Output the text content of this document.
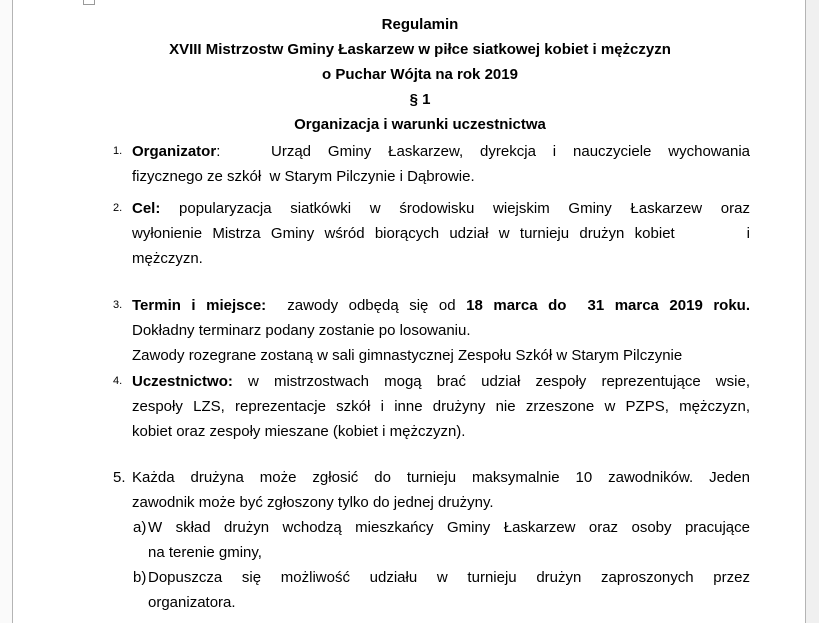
Regulamin
XVIII Mistrzostw Gminy Łaskarzew w piłce siatkowej kobiet i mężczyzn
o Puchar Wójta na rok 2019
§ 1
Organizacja i warunki uczestnictwa
1. Organizator:   Urząd Gminy Łaskarzew, dyrekcja i nauczyciele wychowania
fizycznego ze szkół  w Starym Pilczynie i Dąbrowie.
2. Cel: popularyzacja siatkówki w środowisku wiejskim Gminy Łaskarzew oraz
wyłonienie Mistrza Gminy wśród biorących udział w turnieju drużyn kobiet       i
mężczyzn.
3. Termin i miejsce:  zawody odbędą się od 18 marca do  31 marca 2019 roku.
Dokładny terminarz podany zostanie po losowaniu.
Zawody rozegrane zostaną w sali gimnastycznej Zespołu Szkół w Starym Pilczynie
4. Uczestnictwo: w mistrzostwach mogą brać udział zespoły reprezentujące wsie,
zespoły LZS, reprezentacje szkół i inne drużyny nie zrzeszone w PZPS, mężczyzn,
kobiet oraz zespoły mieszane (kobiet i mężczyzn).
5. Każda drużyna może zgłosić do turnieju maksymalnie 10 zawodników. Jeden
zawodnik może być zgłoszony tylko do jednej drużyny.
a) W skład drużyn wchodzą mieszkańcy Gminy Łaskarzew oraz osoby pracujące
na terenie gminy,
b) Dopuszcza się możliwość udziału w turnieju drużyn zaproszonych przez
organizatora.
